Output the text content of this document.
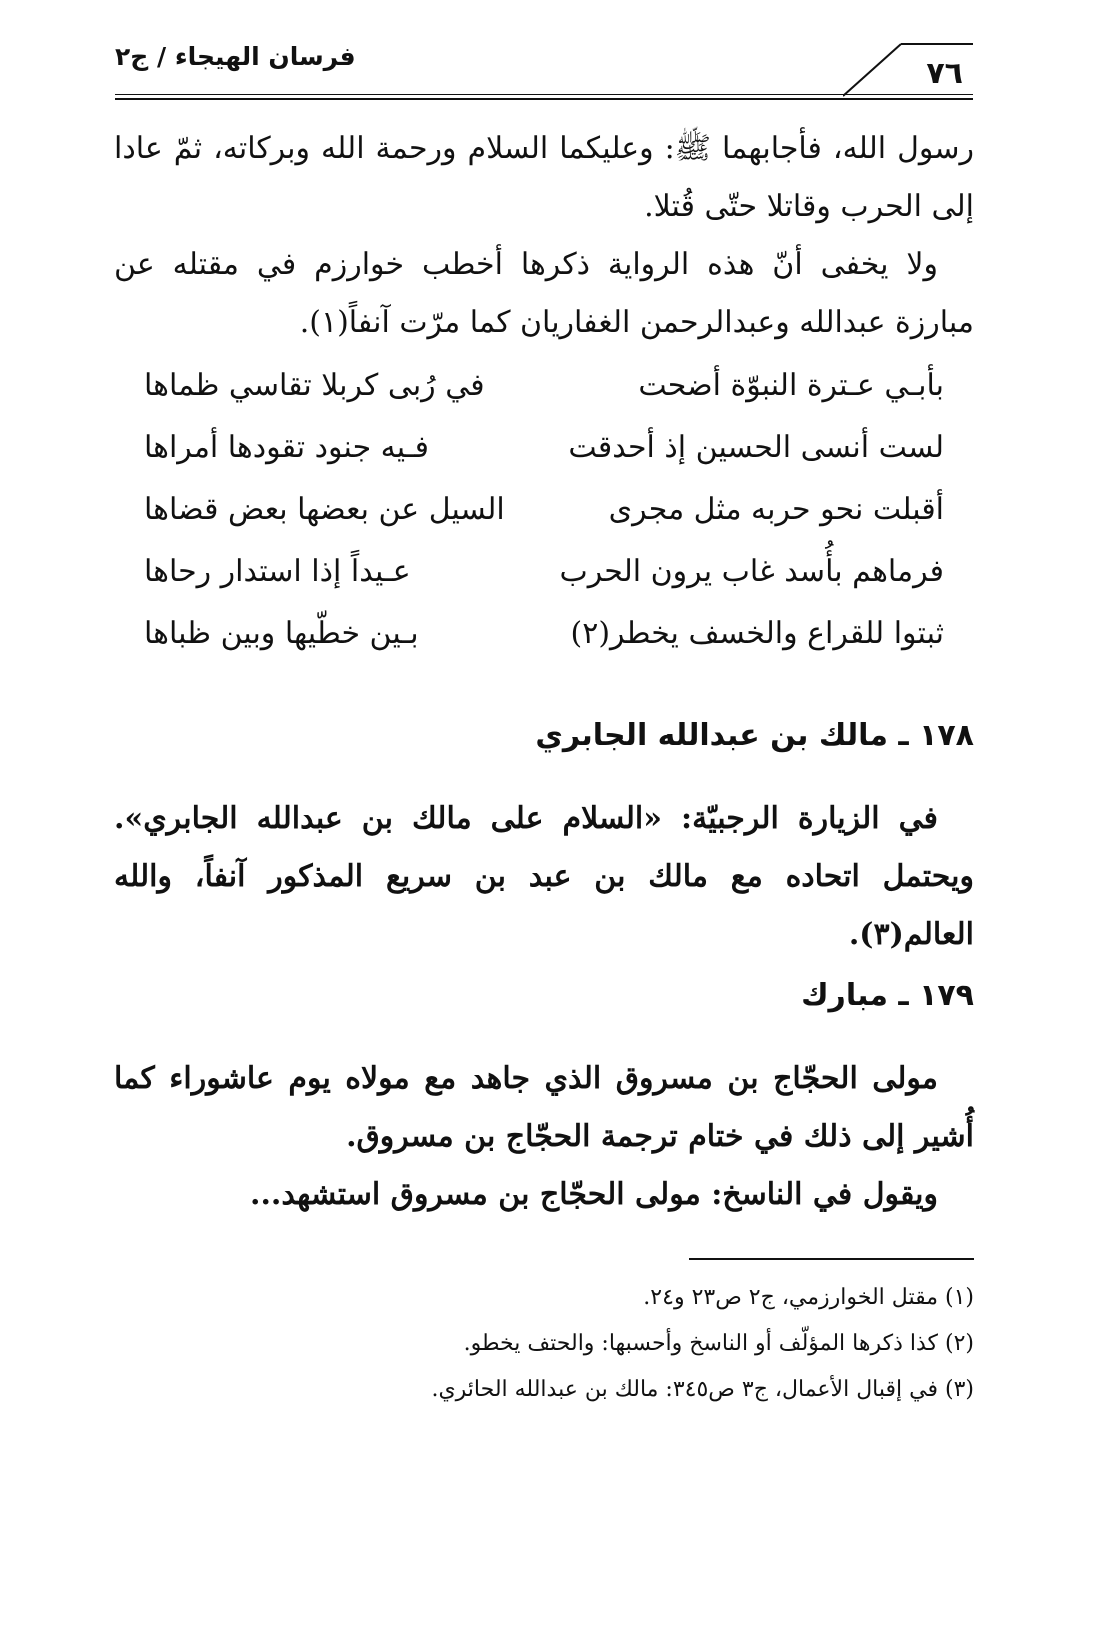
٧٦
فرسان الهيجاء / ج٢

رسول الله، فأجابهما ﷺ: وعليكما السلام ورحمة الله وبركاته، ثمّ عادا إلى الحرب وقاتلا حتّى قُتلا.

ولا يخفى أنّ هذه الرواية ذكرها أخطب خوارزم في مقتله عن مبارزة عبدالله وعبدالرحمن الغفاريان كما مرّت آنفاً(١).

بأبـي عـترة النبوّة أضحت
في رُبى كربلا تقاسي ظماها
لست أنسى الحسين إذ أحدقت
فـيه جنود تقودها أمراها
أقبلت نحو حربه مثل مجرى
السيل عن بعضها بعض قضاها
فرماهم بأُسد غاب يرون الحرب
عـيداً إذا استدار رحاها
ثبتوا للقراع والخسف يخطر(٢)
بـين خطّيها وبين ظباها
١٧٨ ـ مالك بن عبدالله الجابري

في الزيارة الرجبيّة: «السلام على مالك بن عبدالله الجابري». ويحتمل اتحاده مع مالك بن عبد بن سريع المذكور آنفاً، والله العالم(٣).

١٧٩ ـ مبارك

مولى الحجّاج بن مسروق الذي جاهد مع مولاه يوم عاشوراء كما أُشير إلى ذلك في ختام ترجمة الحجّاج بن مسروق.

ويقول في الناسخ: مولى الحجّاج بن مسروق استشهد...

(١) مقتل الخوارزمي، ج٢ ص٢٣ و٢٤.
(٢) كذا ذكرها المؤلّف أو الناسخ وأحسبها: والحتف يخطو.
(٣) في إقبال الأعمال، ج٣ ص٣٤٥: مالك بن عبدالله الحائري.
